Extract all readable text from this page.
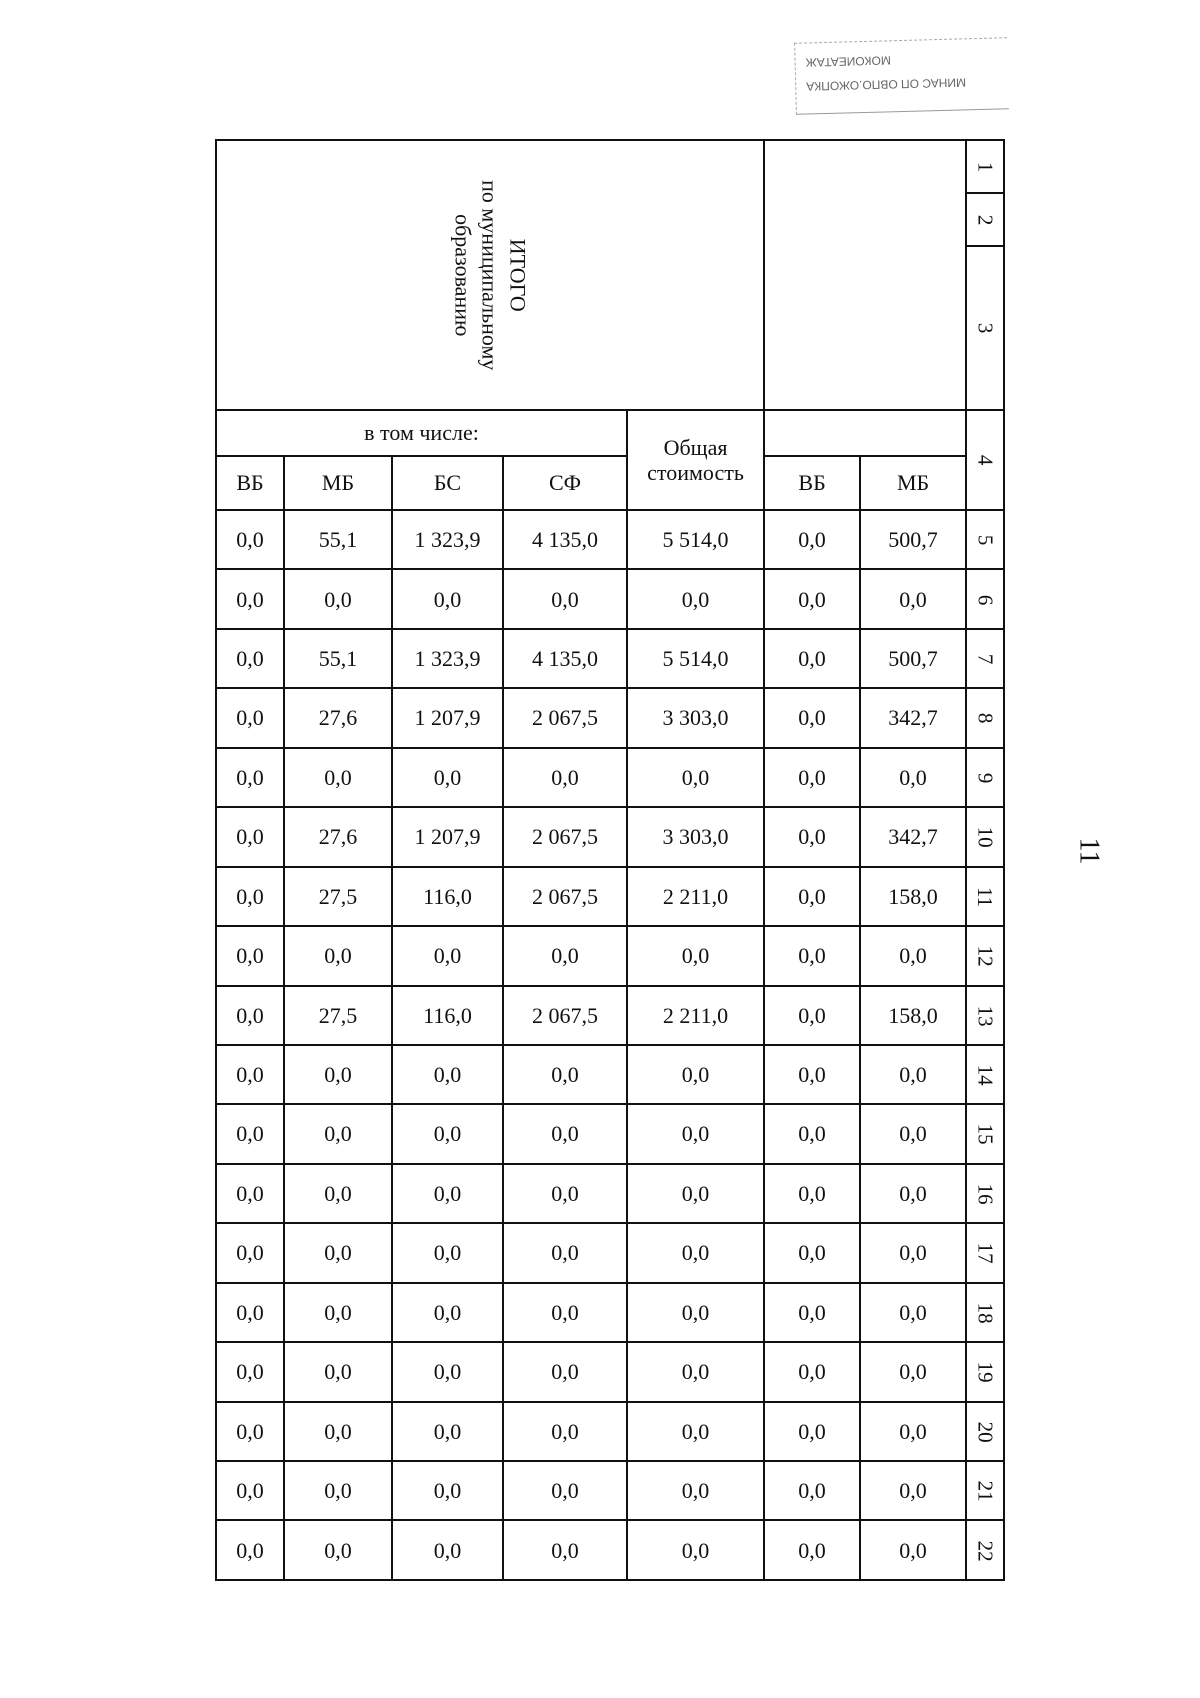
МОКОИЕАТАЖ
МИНАС ОП ОВПО.ОЖОПКА
11
ИТОГО
по муниципальному
образованию							1
							2
							3
в том числе:				Общая стоимость			4
ВБ	МБ	БС	СФ		ВБ	МБ	
0,0	55,1	1 323,9	4 135,0	5 514,0	0,0	500,7	5
0,0	0,0	0,0	0,0	0,0	0,0	0,0	6
0,0	55,1	1 323,9	4 135,0	5 514,0	0,0	500,7	7
0,0	27,6	1 207,9	2 067,5	3 303,0	0,0	342,7	8
0,0	0,0	0,0	0,0	0,0	0,0	0,0	9
0,0	27,6	1 207,9	2 067,5	3 303,0	0,0	342,7	10
0,0	27,5	116,0	2 067,5	2 211,0	0,0	158,0	11
0,0	0,0	0,0	0,0	0,0	0,0	0,0	12
0,0	27,5	116,0	2 067,5	2 211,0	0,0	158,0	13
0,0	0,0	0,0	0,0	0,0	0,0	0,0	14
0,0	0,0	0,0	0,0	0,0	0,0	0,0	15
0,0	0,0	0,0	0,0	0,0	0,0	0,0	16
0,0	0,0	0,0	0,0	0,0	0,0	0,0	17
0,0	0,0	0,0	0,0	0,0	0,0	0,0	18
0,0	0,0	0,0	0,0	0,0	0,0	0,0	19
0,0	0,0	0,0	0,0	0,0	0,0	0,0	20
0,0	0,0	0,0	0,0	0,0	0,0	0,0	21
0,0	0,0	0,0	0,0	0,0	0,0	0,0	22
